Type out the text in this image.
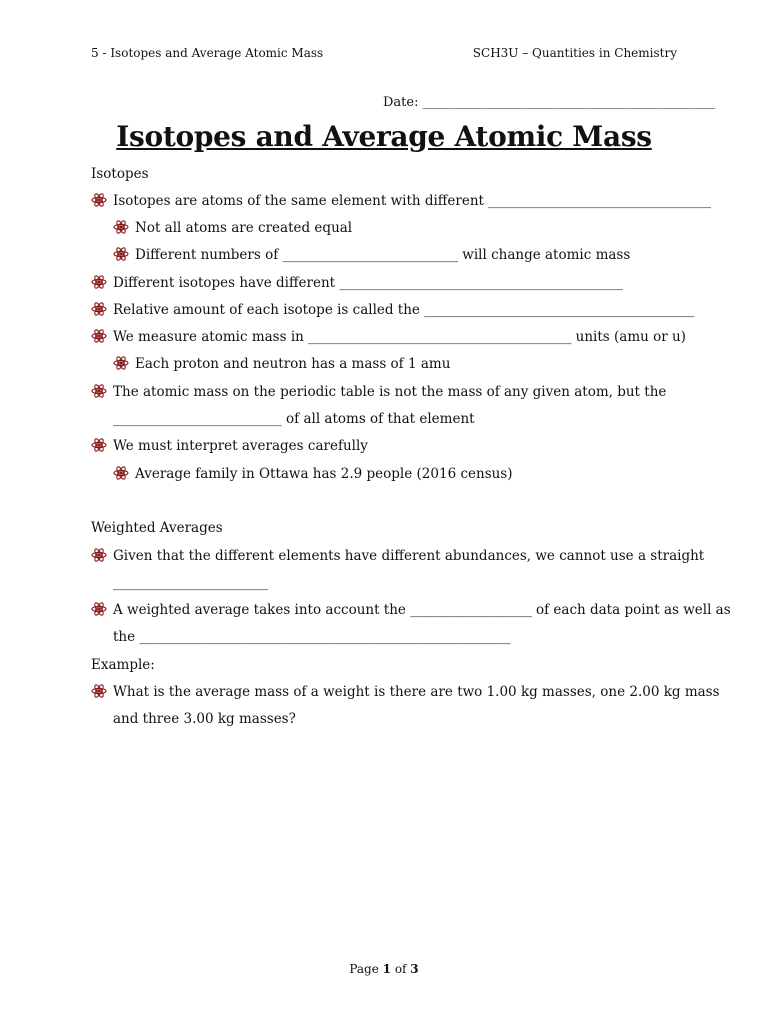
5 - Isotopes and Average Atomic Mass	SCH3U – Quantities in Chemistry
Date: _____________________________________________
Isotopes and Average Atomic Mass
Isotopes
Isotopes are atoms of the same element with different _________________________________
Not all atoms are created equal
Different numbers of __________________________ will change atomic mass
Different isotopes have different __________________________________________
Relative amount of each isotope is called the ________________________________________
We measure atomic mass in _______________________________________ units (amu or u)
Each proton and neutron has a mass of 1 amu
The atomic mass on the periodic table is not the mass of any given atom, but the
_________________________ of all atoms of that element
We must interpret averages carefully
Average family in Ottawa has 2.9 people (2016 census)
Weighted Averages
Given that the different elements have different abundances, we cannot use a straight
_______________________
A weighted average takes into account the __________________ of each data point as well as
the _______________________________________________________
Example:
What is the average mass of a weight is there are two 1.00 kg masses, one 2.00 kg mass
and three 3.00 kg masses?
Page 1 of 3
